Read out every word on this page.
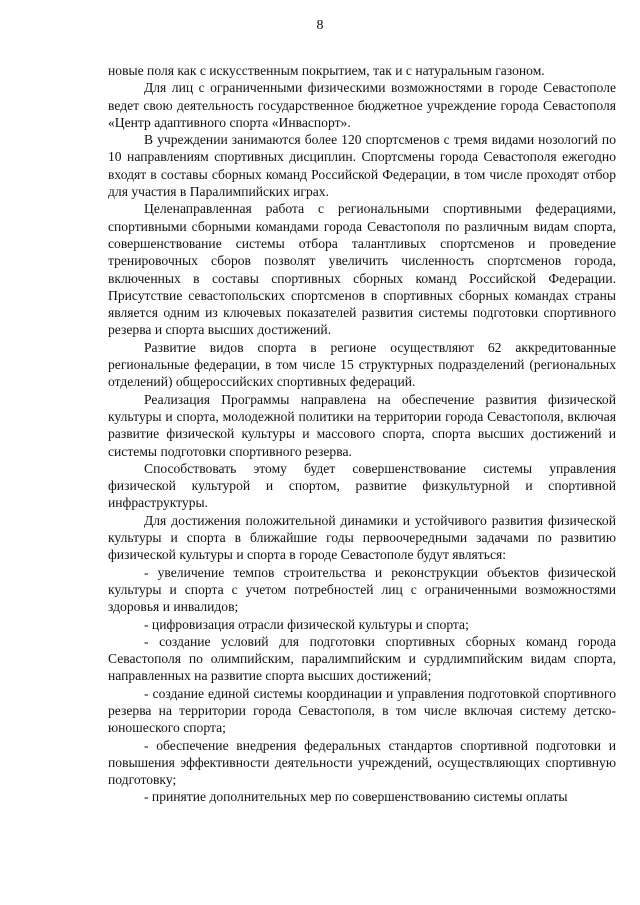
8

новые поля как с искусственным покрытием, так и с натуральным газоном.

Для лиц с ограниченными физическими возможностями в городе Севастополе ведет свою деятельность государственное бюджетное учреждение города Севастополя «Центр адаптивного спорта «Инваспорт».

В учреждении занимаются более 120 спортсменов с тремя видами нозологий по 10 направлениям спортивных дисциплин. Спортсмены города Севастополя ежегодно входят в составы сборных команд Российской Федерации, в том числе проходят отбор для участия в Паралимпийских играх.

Целенаправленная работа с региональными спортивными федерациями, спортивными сборными командами города Севастополя по различным видам спорта, совершенствование системы отбора талантливых спортсменов и проведение тренировочных сборов позволят увеличить численность спортсменов города, включенных в составы спортивных сборных команд Российской Федерации. Присутствие севастопольских спортсменов в спортивных сборных командах страны является одним из ключевых показателей развития системы подготовки спортивного резерва и спорта высших достижений.

Развитие видов спорта в регионе осуществляют 62 аккредитованные региональные федерации, в том числе 15 структурных подразделений (региональных отделений) общероссийских спортивных федераций.

Реализация Программы направлена на обеспечение развития физической культуры и спорта, молодежной политики на территории города Севастополя, включая развитие физической культуры и массового спорта, спорта высших достижений и системы подготовки спортивного резерва.

Способствовать этому будет совершенствование системы управления физической культурой и спортом, развитие физкультурной и спортивной инфраструктуры.

Для достижения положительной динамики и устойчивого развития физической культуры и спорта в ближайшие годы первоочередными задачами по развитию физической культуры и спорта в городе Севастополе будут являться:

- увеличение темпов строительства и реконструкции объектов физической культуры и спорта с учетом потребностей лиц с ограниченными возможностями здоровья и инвалидов;

- цифровизация отрасли физической культуры и спорта;

- создание условий для подготовки спортивных сборных команд города Севастополя по олимпийским, паралимпийским и сурдлимпийским видам спорта, направленных на развитие спорта высших достижений;

- создание единой системы координации и управления подготовкой спортивного резерва на территории города Севастополя, в том числе включая систему детско-юношеского спорта;

- обеспечение внедрения федеральных стандартов спортивной подготовки и повышения эффективности деятельности учреждений, осуществляющих спортивную подготовку;

- принятие дополнительных мер по совершенствованию системы оплаты
